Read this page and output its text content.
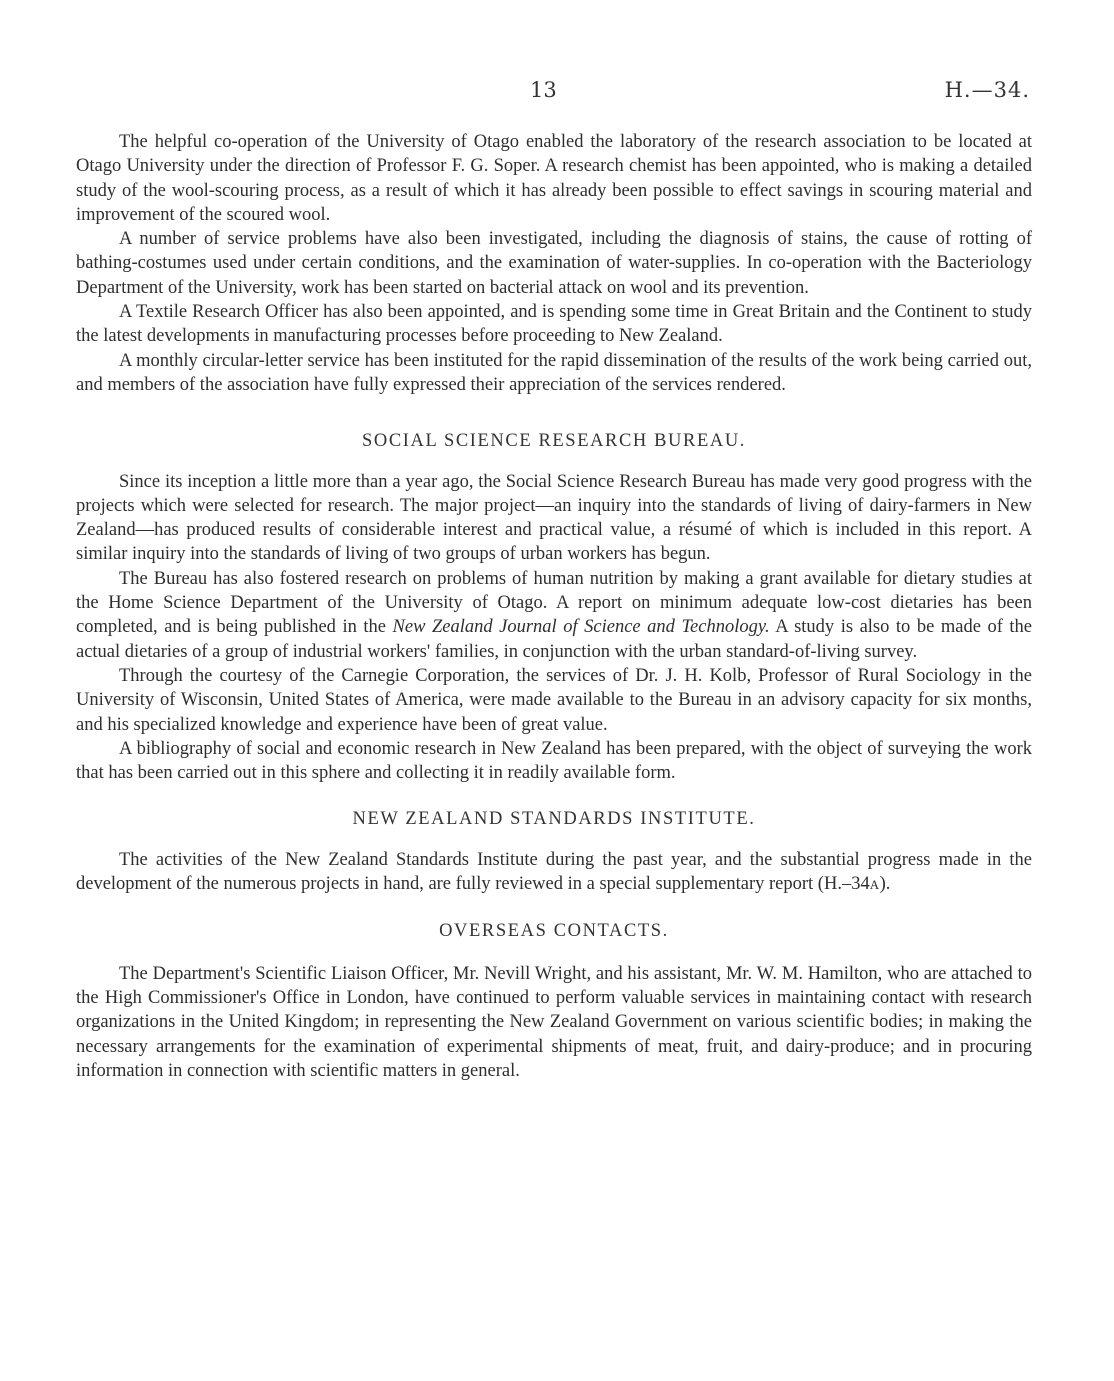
13	H.—34.

The helpful co-operation of the University of Otago enabled the laboratory of the research association to be located at Otago University under the direction of Professor F. G. Soper. A research chemist has been appointed, who is making a detailed study of the wool-scouring process, as a result of which it has already been possible to effect savings in scouring material and improvement of the scoured wool.

A number of service problems have also been investigated, including the diagnosis of stains, the cause of rotting of bathing-costumes used under certain conditions, and the examination of water-supplies. In co-operation with the Bacteriology Department of the University, work has been started on bacterial attack on wool and its prevention.

A Textile Research Officer has also been appointed, and is spending some time in Great Britain and the Continent to study the latest developments in manufacturing processes before proceeding to New Zealand.

A monthly circular-letter service has been instituted for the rapid dissemination of the results of the work being carried out, and members of the association have fully expressed their appreciation of the services rendered.

SOCIAL SCIENCE RESEARCH BUREAU.

Since its inception a little more than a year ago, the Social Science Research Bureau has made very good progress with the projects which were selected for research. The major project—an inquiry into the standards of living of dairy-farmers in New Zealand—has produced results of considerable interest and practical value, a résumé of which is included in this report. A similar inquiry into the standards of living of two groups of urban workers has begun.

The Bureau has also fostered research on problems of human nutrition by making a grant available for dietary studies at the Home Science Department of the University of Otago. A report on minimum adequate low-cost dietaries has been completed, and is being published in the New Zealand Journal of Science and Technology. A study is also to be made of the actual dietaries of a group of industrial workers' families, in conjunction with the urban standard-of-living survey.

Through the courtesy of the Carnegie Corporation, the services of Dr. J. H. Kolb, Professor of Rural Sociology in the University of Wisconsin, United States of America, were made available to the Bureau in an advisory capacity for six months, and his specialized knowledge and experience have been of great value.

A bibliography of social and economic research in New Zealand has been prepared, with the object of surveying the work that has been carried out in this sphere and collecting it in readily available form.

NEW ZEALAND STANDARDS INSTITUTE.

The activities of the New Zealand Standards Institute during the past year, and the substantial progress made in the development of the numerous projects in hand, are fully reviewed in a special supplementary report (H.–34A).

OVERSEAS CONTACTS.

The Department's Scientific Liaison Officer, Mr. Nevill Wright, and his assistant, Mr. W. M. Hamilton, who are attached to the High Commissioner's Office in London, have continued to perform valuable services in maintaining contact with research organizations in the United Kingdom; in representing the New Zealand Government on various scientific bodies; in making the necessary arrangements for the examination of experimental shipments of meat, fruit, and dairy-produce; and in procuring information in connection with scientific matters in general.
